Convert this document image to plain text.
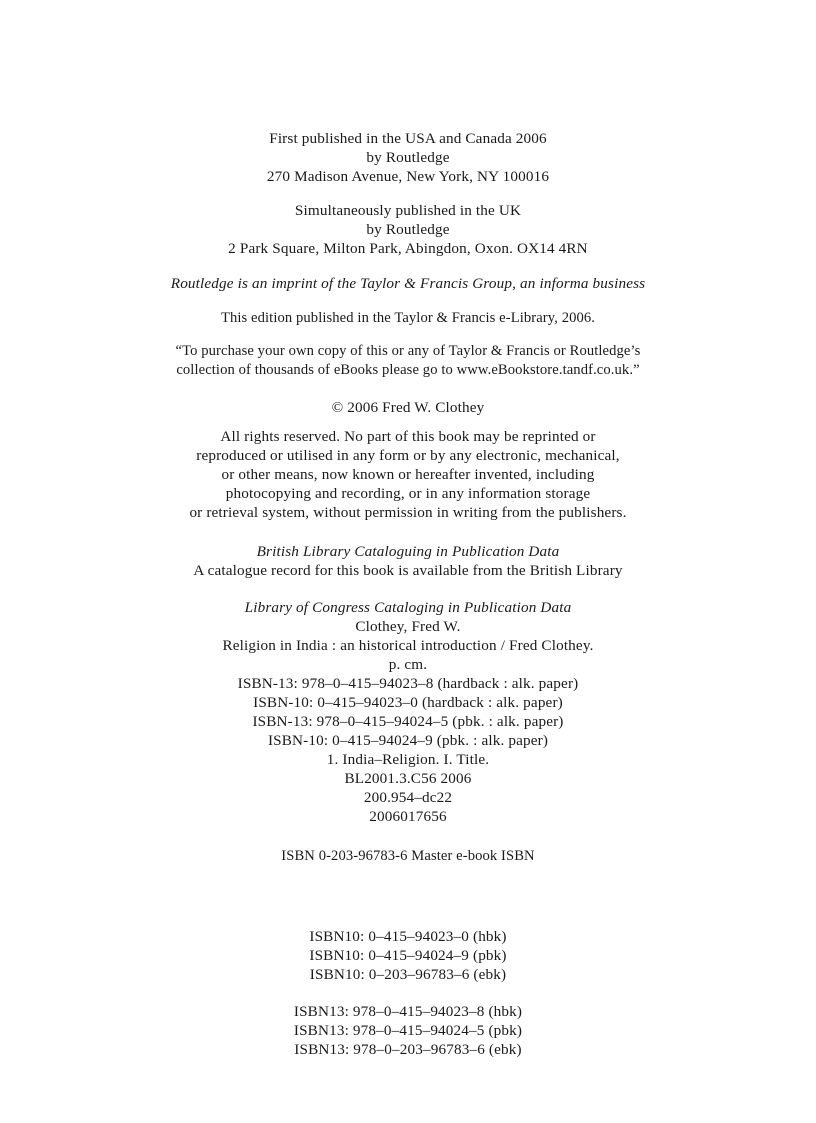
First published in the USA and Canada 2006
by Routledge
270 Madison Avenue, New York, NY 100016
Simultaneously published in the UK
by Routledge
2 Park Square, Milton Park, Abingdon, Oxon. OX14 4RN
Routledge is an imprint of the Taylor & Francis Group, an informa business
This edition published in the Taylor & Francis e-Library, 2006.
“To purchase your own copy of this or any of Taylor & Francis or Routledge’s
collection of thousands of eBooks please go to www.eBookstore.tandf.co.uk.”
© 2006 Fred W. Clothey
All rights reserved. No part of this book may be reprinted or
reproduced or utilised in any form or by any electronic, mechanical,
or other means, now known or hereafter invented, including
photocopying and recording, or in any information storage
or retrieval system, without permission in writing from the publishers.
British Library Cataloguing in Publication Data
A catalogue record for this book is available from the British Library
Library of Congress Cataloging in Publication Data
Clothey, Fred W.
Religion in India : an historical introduction / Fred Clothey.
p. cm.
ISBN-13: 978–0–415–94023–8 (hardback : alk. paper)
ISBN-10: 0–415–94023–0 (hardback : alk. paper)
ISBN-13: 978–0–415–94024–5 (pbk. : alk. paper)
ISBN-10: 0–415–94024–9 (pbk. : alk. paper)
1. India–Religion. I. Title.
BL2001.3.C56 2006
200.954–dc22
2006017656
ISBN 0-203-96783-6 Master e-book ISBN
ISBN10: 0–415–94023–0 (hbk)
ISBN10: 0–415–94024–9 (pbk)
ISBN10: 0–203–96783–6 (ebk)
ISBN13: 978–0–415–94023–8 (hbk)
ISBN13: 978–0–415–94024–5 (pbk)
ISBN13: 978–0–203–96783–6 (ebk)
